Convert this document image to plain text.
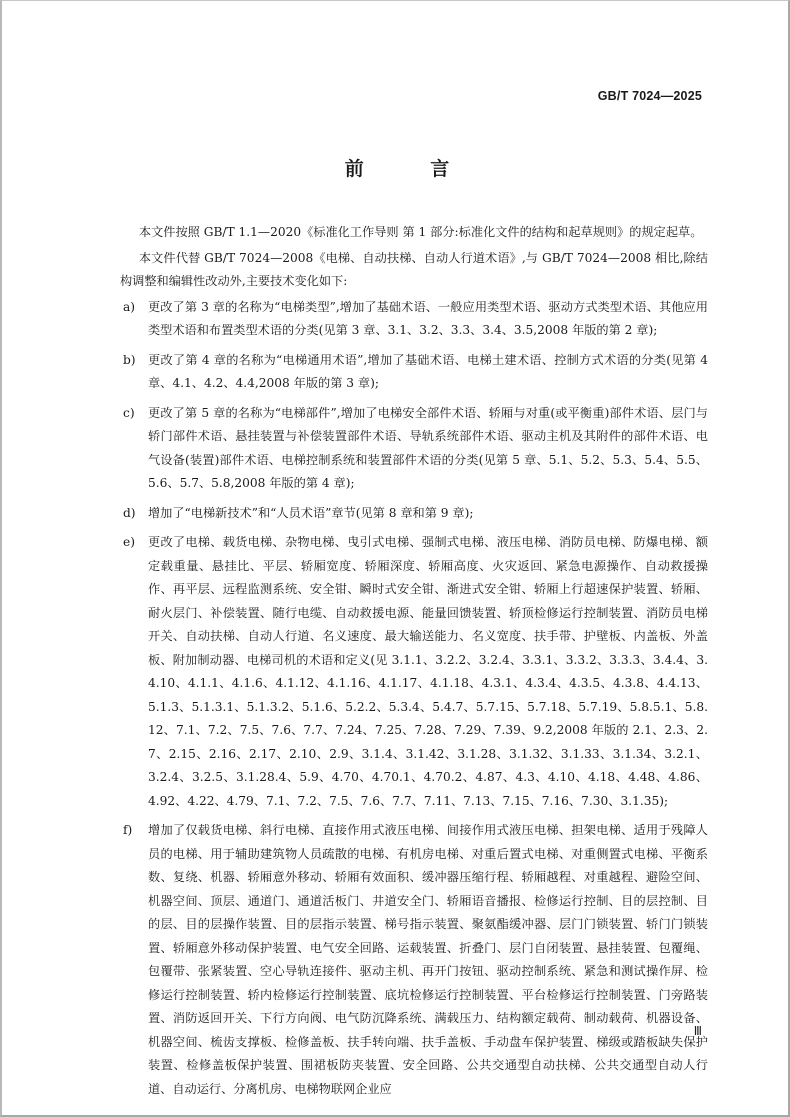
GB/T 7024—2025
前 言

本文件按照 GB/T 1.1—2020《标准化工作导则 第 1 部分:标准化文件的结构和起草规则》的规定起草。

本文件代替 GB/T 7024—2008《电梯、自动扶梯、自动人行道术语》,与 GB/T 7024—2008 相比,除结构调整和编辑性改动外,主要技术变化如下:

a)	更改了第 3 章的名称为“电梯类型”,增加了基础术语、一般应用类型术语、驱动方式类型术语、其他应用类型术语和布置类型术语的分类(见第 3 章、3.1、3.2、3.3、3.4、3.5,2008 年版的第 2 章);
b)	更改了第 4 章的名称为“电梯通用术语”,增加了基础术语、电梯土建术语、控制方式术语的分类(见第 4 章、4.1、4.2、4.4,2008 年版的第 3 章);
c)	更改了第 5 章的名称为“电梯部件”,增加了电梯安全部件术语、轿厢与对重(或平衡重)部件术语、层门与轿门部件术语、悬挂装置与补偿装置部件术语、导轨系统部件术语、驱动主机及其附件的部件术语、电气设备(装置)部件术语、电梯控制系统和装置部件术语的分类(见第 5 章、5.1、5.2、5.3、5.4、5.5、5.6、5.7、5.8,2008 年版的第 4 章);
d)	增加了“电梯新技术”和“人员术语”章节(见第 8 章和第 9 章);
e)	更改了电梯、载货电梯、杂物电梯、曳引式电梯、强制式电梯、液压电梯、消防员电梯、防爆电梯、额定载重量、悬挂比、平层、轿厢宽度、轿厢深度、轿厢高度、火灾返回、紧急电源操作、自动救援操作、再平层、远程监测系统、安全钳、瞬时式安全钳、渐进式安全钳、轿厢上行超速保护装置、轿厢、耐火层门、补偿装置、随行电缆、自动救援电源、能量回馈装置、轿顶检修运行控制装置、消防员电梯开关、自动扶梯、自动人行道、名义速度、最大输送能力、名义宽度、扶手带、护壁板、内盖板、外盖板、附加制动器、电梯司机的术语和定义(见 3.1.1、3.2.2、3.2.4、3.3.1、3.3.2、3.3.3、3.4.4、3.4.10、4.1.1、4.1.6、4.1.12、4.1.16、4.1.17、4.1.18、4.3.1、4.3.4、4.3.5、4.3.8、4.4.13、5.1.3、5.1.3.1、5.1.3.2、5.1.6、5.2.2、5.3.4、5.4.7、5.7.15、5.7.18、5.7.19、5.8.5.1、5.8.12、7.1、7.2、7.5、7.6、7.7、7.24、7.25、7.28、7.29、7.39、9.2,2008 年版的 2.1、2.3、2.7、2.15、2.16、2.17、2.10、2.9、3.1.4、3.1.42、3.1.28、3.1.32、3.1.33、3.1.34、3.2.1、3.2.4、3.2.5、3.1.28.4、5.9、4.70、4.70.1、4.70.2、4.87、4.3、4.10、4.18、4.48、4.86、4.92、4.22、4.79、7.1、7.2、7.5、7.6、7.7、7.11、7.13、7.15、7.16、7.30、3.1.35);
f)	增加了仅载货电梯、斜行电梯、直接作用式液压电梯、间接作用式液压电梯、担架电梯、适用于残障人员的电梯、用于辅助建筑物人员疏散的电梯、有机房电梯、对重后置式电梯、对重侧置式电梯、平衡系数、复绕、机器、轿厢意外移动、轿厢有效面积、缓冲器压缩行程、轿厢越程、对重越程、避险空间、机器空间、顶层、通道门、通道活板门、井道安全门、轿厢语音播报、检修运行控制、目的层控制、目的层、目的层操作装置、目的层指示装置、梯号指示装置、聚氨酯缓冲器、层门门锁装置、轿门门锁装置、轿厢意外移动保护装置、电气安全回路、运载装置、折叠门、层门自闭装置、悬挂装置、包覆绳、包覆带、张紧装置、空心导轨连接件、驱动主机、再开门按钮、驱动控制系统、紧急和测试操作屏、检修运行控制装置、轿内检修运行控制装置、底坑检修运行控制装置、平台检修运行控制装置、门旁路装置、消防返回开关、下行方向阀、电气防沉降系统、满载压力、结构额定载荷、制动载荷、机器设备、机器空间、梳齿支撑板、检修盖板、扶手转向端、扶手盖板、手动盘车保护装置、梯级或踏板缺失保护装置、检修盖板保护装置、围裙板防夹装置、安全回路、公共交通型自动扶梯、公共交通型自动人行道、自动运行、分离机房、电梯物联网企业应
Ⅲ
